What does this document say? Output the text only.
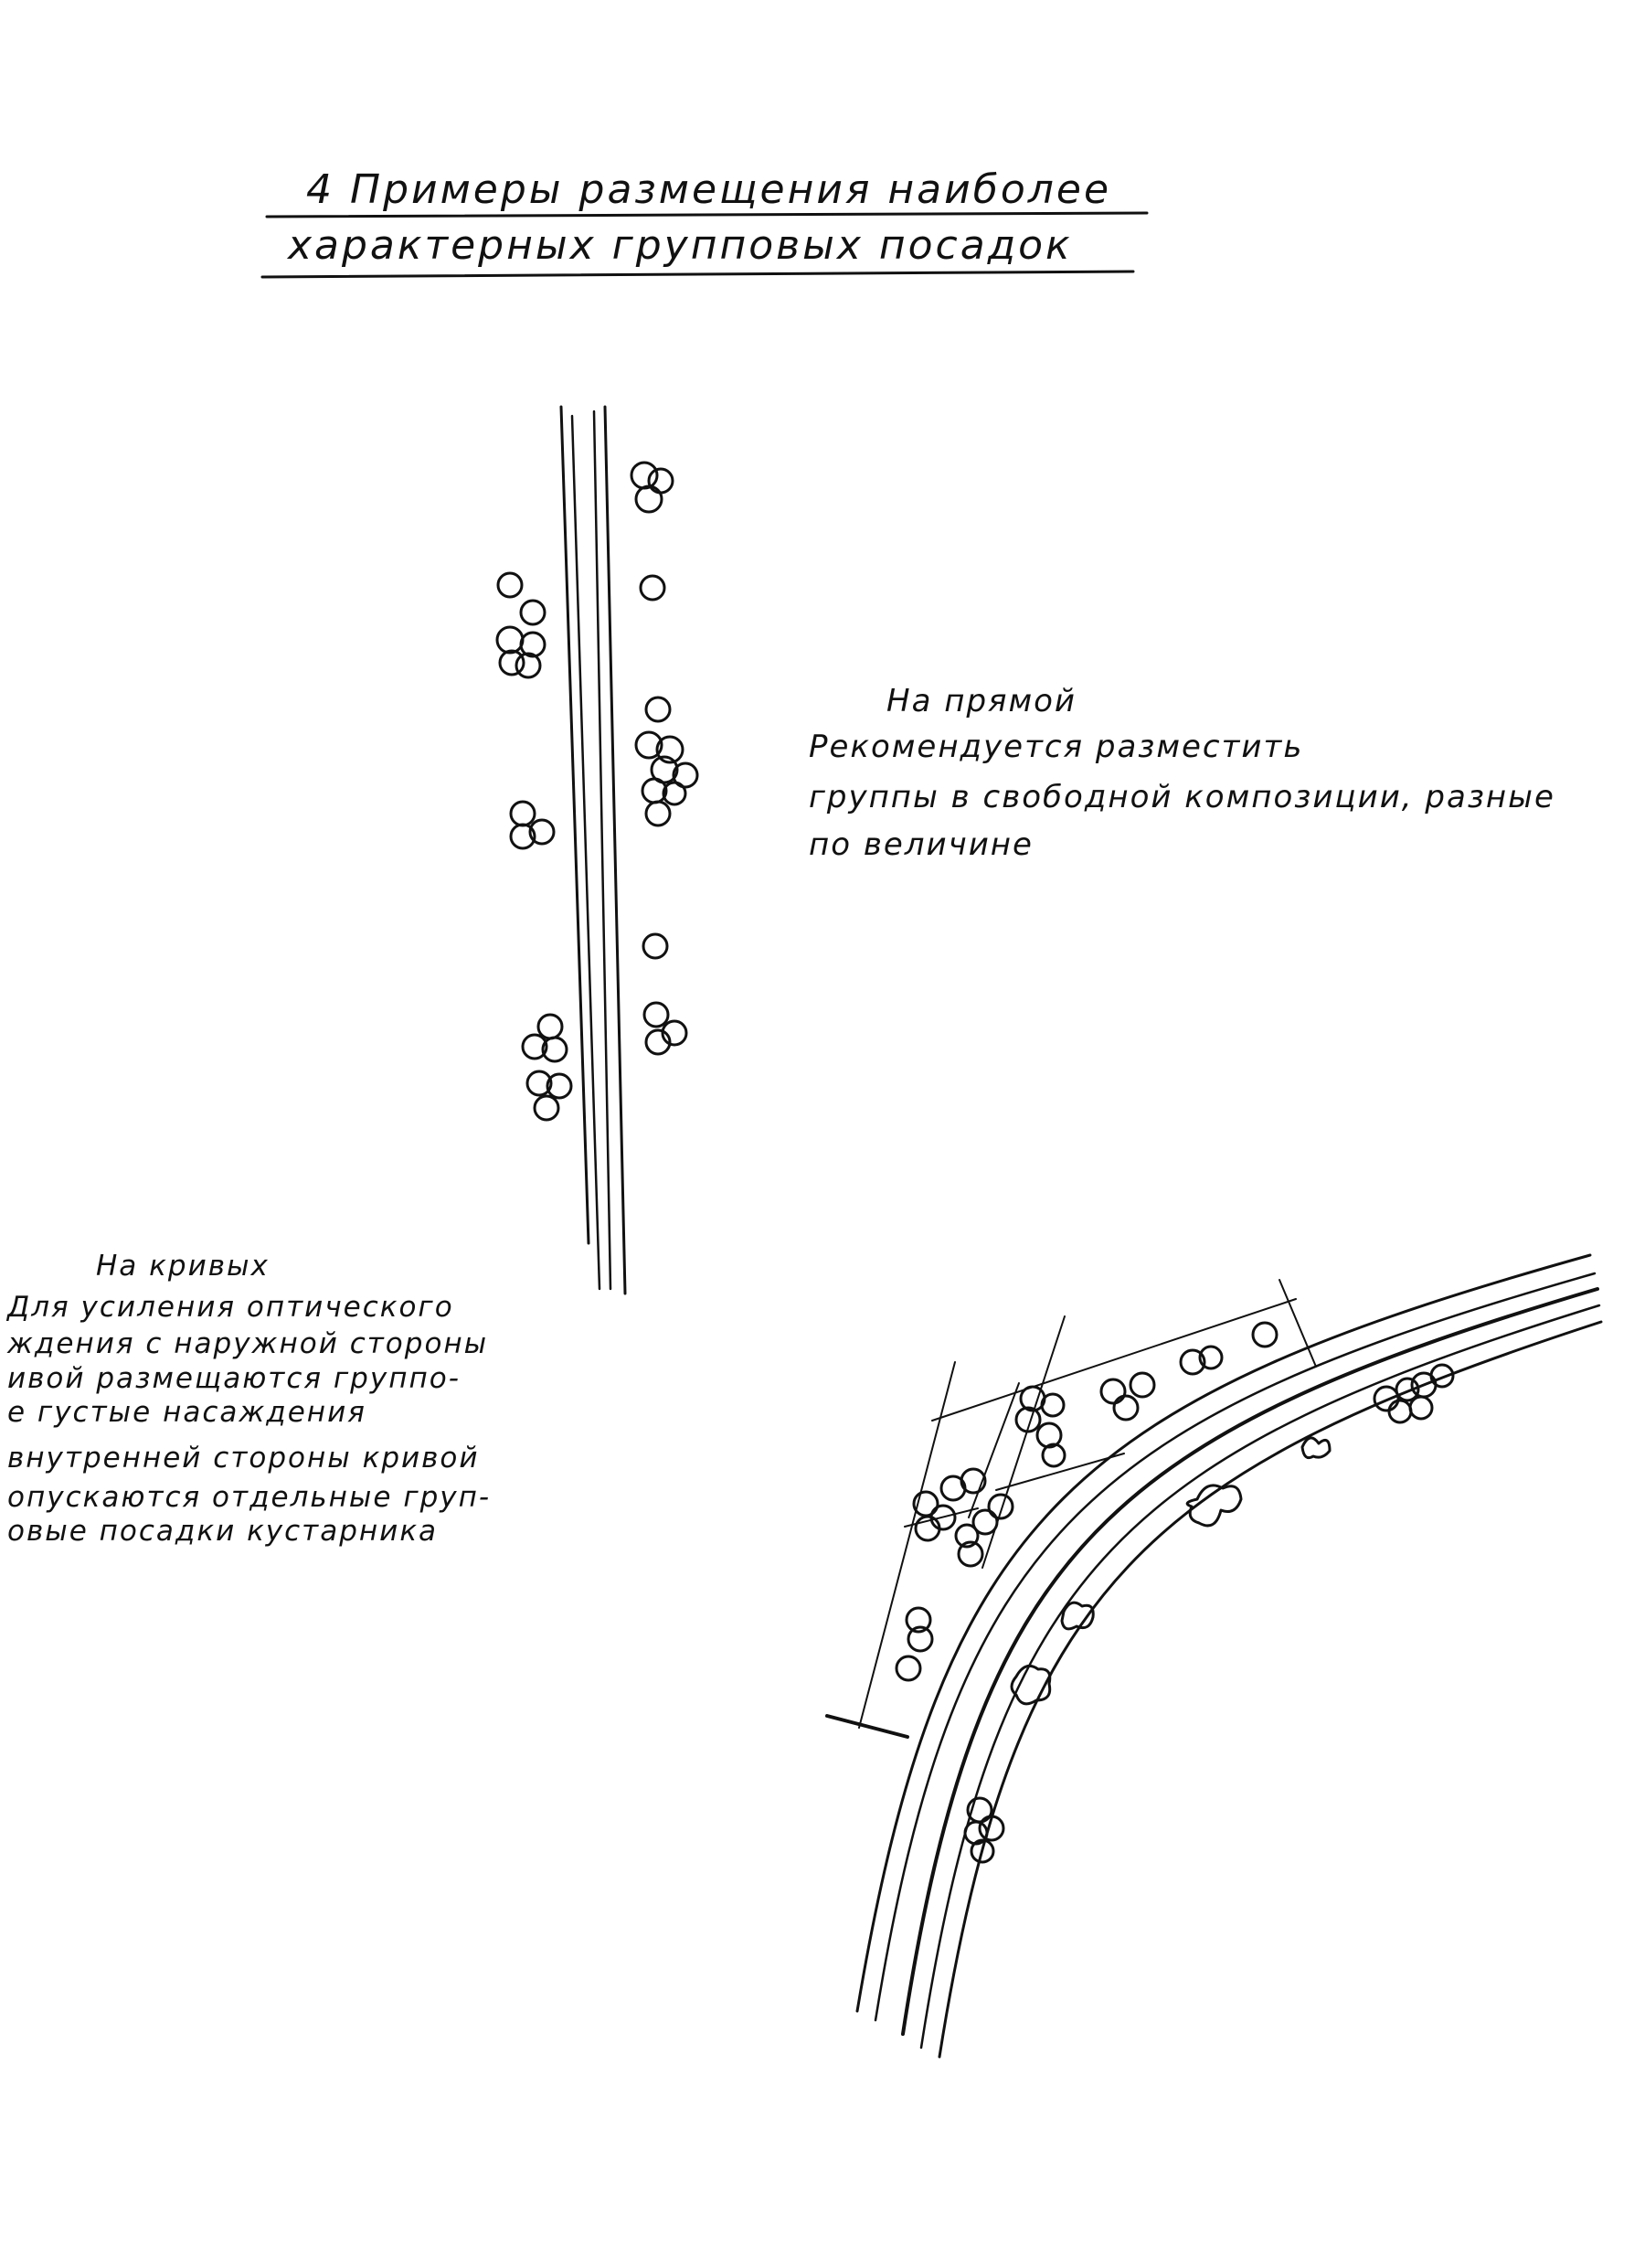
4 Примеры размещения наиболее
характерных групповых посадок
На прямой
Рекомендуется разместить
группы в свободной композиции, разные
по величине
На кривых
Для усиления оптического
ждения с наружной стороны
ивой размещаются группо-
е густые насаждения
внутренней стороны кривой
опускаются отдельные груп-
овые посадки кустарника
